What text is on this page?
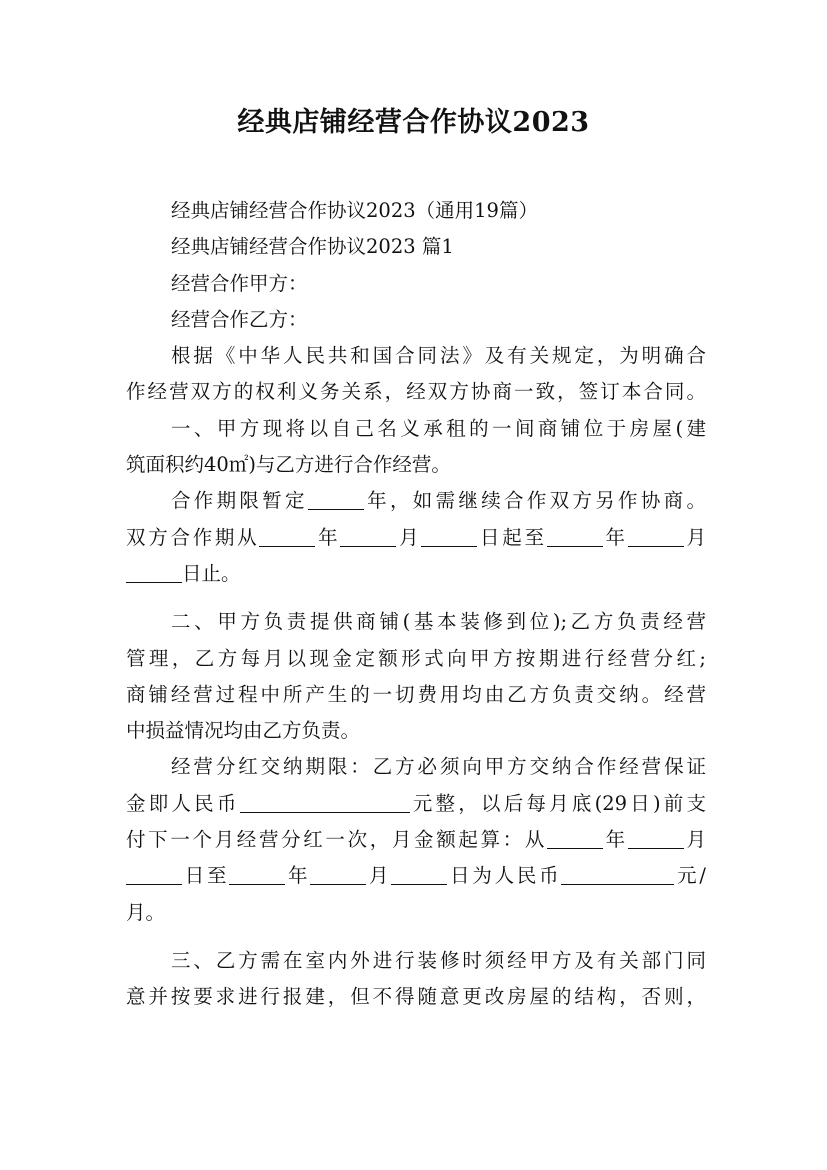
经典店铺经营合作协议2023
经典店铺经营合作协议2023（通用19篇）
经典店铺经营合作协议2023 篇1
经营合作甲方：
经营合作乙方：
根据《中华人民共和国合同法》及有关规定，为明确合
作经营双方的权利义务关系，经双方协商一致，签订本合同。
一、甲方现将以自己名义承租的一间商铺位于房屋(建
筑面积约40㎡)与乙方进行合作经营。
合作期限暂定	年，如需继续合作双方另作协商。
双方合作期从	年	月	日起至	年	月
日止。
二、甲方负责提供商铺(基本装修到位);乙方负责经营
管理，乙方每月以现金定额形式向甲方按期进行经营分红;
商铺经营过程中所产生的一切费用均由乙方负责交纳。经营
中损益情况均由乙方负责。
经营分红交纳期限：乙方必须向甲方交纳合作经营保证
金即人民币	元整，以后每月底(29日)前支
付下一个月经营分红一次，月金额起算：从	年	月
日至	年	月	日为人民币	元/
月。
三、乙方需在室内外进行装修时须经甲方及有关部门同
意并按要求进行报建，但不得随意更改房屋的结构，否则，
